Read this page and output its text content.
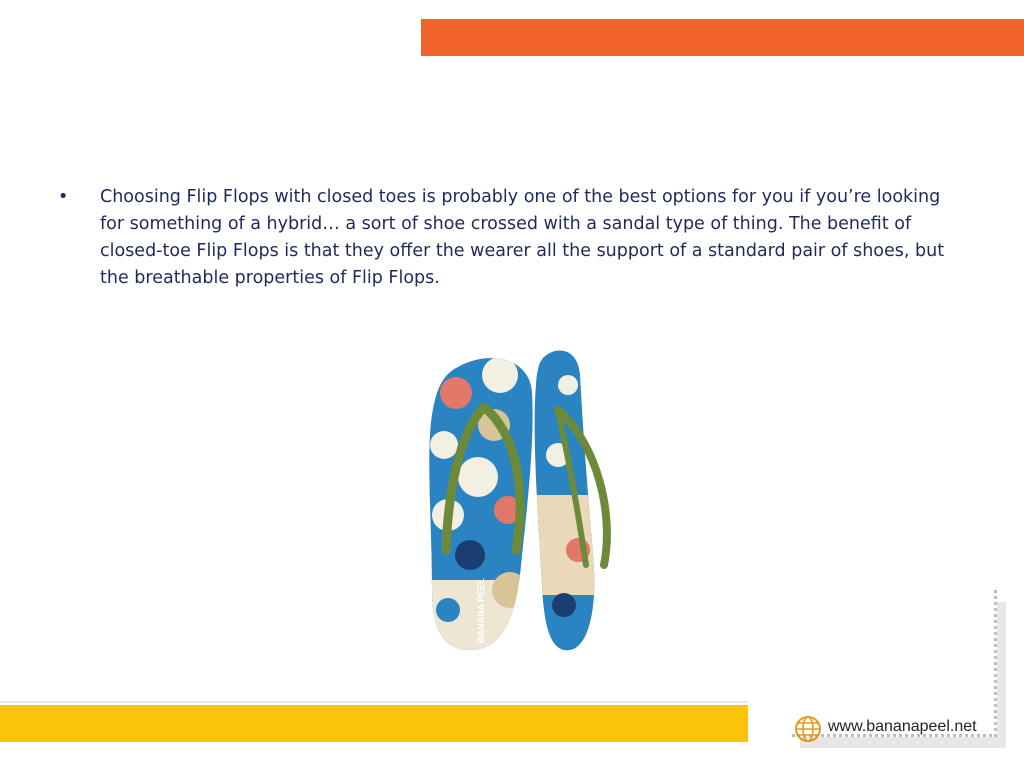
•	Choosing Flip Flops with closed toes is probably one of the best options for you if you’re looking for something of a hybrid… a sort of shoe crossed with a sandal type of thing. The benefit of closed-toe Flip Flops is that they offer the wearer all the support of a standard pair of shoes, but the breathable properties of Flip Flops.
BANANA PEEL
www.bananapeel.net
